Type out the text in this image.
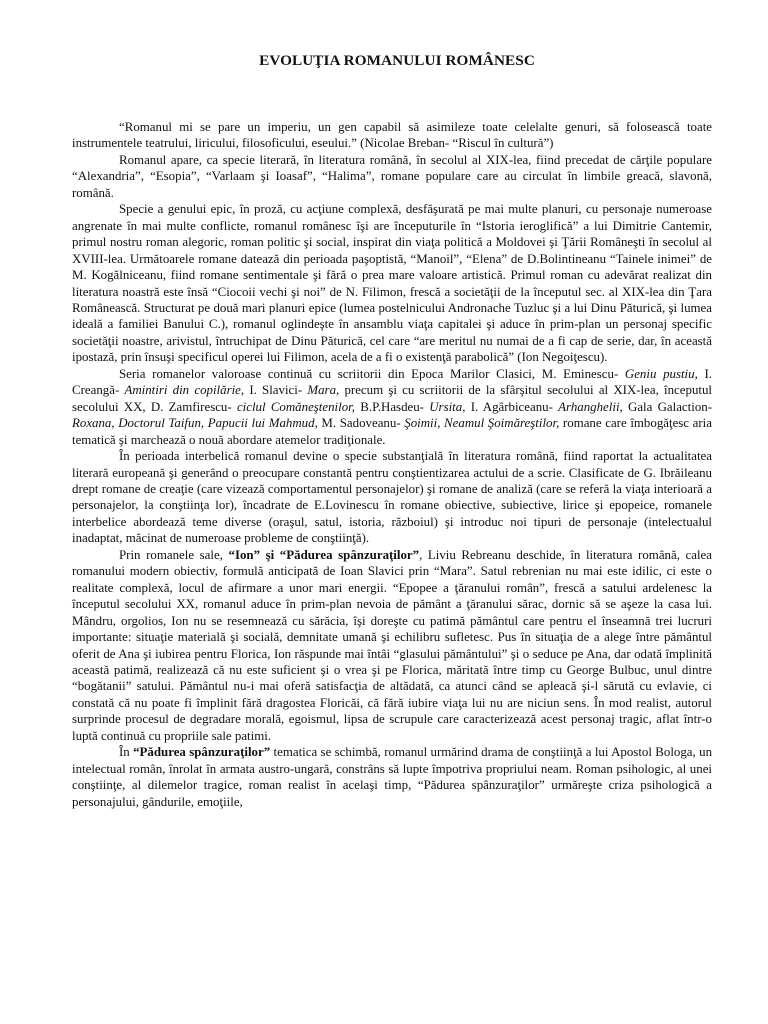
EVOLUŢIA ROMANULUI ROMÂNESC

“Romanul mi se pare un imperiu, un gen capabil să asimileze toate celelalte genuri, să folosească toate instrumentele teatrului, liricului, filosoficului, eseului.” (Nicolae Breban- “Riscul în cultură”)

Romanul apare, ca specie literară, în literatura română, în secolul al XIX-lea, fiind precedat de cărţile populare “Alexandria”, “Esopia”, “Varlaam şi Ioasaf”, “Halima”, romane populare care au circulat în limbile greacă, slavonă, română.

Specie a genului epic, în proză, cu acţiune complexă, desfăşurată pe mai multe planuri, cu personaje numeroase angrenate în mai multe conflicte, romanul românesc îşi are începuturile în “Istoria ieroglifică” a lui Dimitrie Cantemir, primul nostru roman alegoric, roman politic şi social, inspirat din viaţa politică a Moldovei şi Ţării Româneşti în secolul al XVIII-lea. Următoarele romane datează din perioada paşoptistă, “Manoil”, “Elena” de D.Bolintineanu “Tainele inimei” de M. Kogălniceanu, fiind romane sentimentale şi fără o prea mare valoare artistică. Primul roman cu adevărat realizat din literatura noastră este însă “Ciocoii vechi şi noi” de N. Filimon, frescă a societăţii de la începutul sec. al XIX-lea din Ţara Românească. Structurat pe două mari planuri epice (lumea postelnicului Andronache Tuzluc şi a lui Dinu Păturică, şi lumea ideală a familiei Banului C.), romanul oglindeşte în ansamblu viaţa capitalei şi aduce în prim-plan un personaj specific societăţii noastre, arivistul, întruchipat de Dinu Păturică, cel care “are meritul nu numai de a fi cap de serie, dar, în această ipostază, prin însuşi specificul operei lui Filimon, acela de a fi o existenţă parabolică” (Ion Negoiţescu).

Seria romanelor valoroase continuă cu scriitorii din Epoca Marilor Clasici, M. Eminescu- Geniu pustiu, I. Creangă- Amintiri din copilărie, I. Slavici- Mara, precum şi cu scriitorii de la sfârşitul secolului al XIX-lea, începutul secolului XX, D. Zamfirescu- ciclul Comăneştenilor, B.P.Hasdeu- Ursita, I. Agârbiceanu- Arhanghelii, Gala Galaction- Roxana, Doctorul Taifun, Papucii lui Mahmud, M. Sadoveanu- Şoimii, Neamul Şoimăreştilor, romane care îmbogăţesc aria tematică şi marchează o nouă abordare atemelor tradiţionale.

În perioada interbelică romanul devine o specie substanţială în literatura română, fiind raportat la actualitatea literară europeană şi generând o preocupare constantă pentru conştientizarea actului de a scrie. Clasificate de G. Ibrăileanu drept romane de creaţie (care vizează comportamentul personajelor) şi romane de analiză (care se referă la viaţa interioară a personajelor, la conştiinţa lor), încadrate de E.Lovinescu în romane obiective, subiective, lirice şi epopeice, romanele interbelice abordează teme diverse (oraşul, satul, istoria, războiul) şi introduc noi tipuri de personaje (intelectualul inadaptat, măcinat de numeroase probleme de conştiinţă).

Prin romanele sale, “Ion” şi “Pădurea spânzuraţilor”, Liviu Rebreanu deschide, în literatura română, calea romanului modern obiectiv, formulă anticipată de Ioan Slavici prin “Mara”. Satul rebrenian nu mai este idilic, ci este o realitate complexă, locul de afirmare a unor mari energii. “Epopee a ţăranului român”, frescă a satului ardelenesc la începutul secolului XX, romanul aduce în prim-plan nevoia de pământ a ţăranului sărac, dornic să se aşeze la casa lui. Mândru, orgolios, Ion nu se resemnează cu sărăcia, îşi doreşte cu patimă pământul care pentru el înseamnă trei lucruri importante: situaţie materială şi socială, demnitate umană şi echilibru sufletesc. Pus în situaţia de a alege între pământul oferit de Ana şi iubirea pentru Florica, Ion răspunde mai întâi “glasului pământului” şi o seduce pe Ana, dar odată împlinită această patimă, realizează că nu este suficient şi o vrea şi pe Florica, măritată între timp cu George Bulbuc, unul dintre “bogătanii” satului. Pământul nu-i mai oferă satisfacţia de altădată, ca atunci când se apleacă şi-l sărută cu evlavie, ci constată că nu poate fi împlinit fără dragostea Floricăi, că fără iubire viaţa lui nu are niciun sens. În mod realist, autorul surprinde procesul de degradare morală, egoismul, lipsa de scrupule care caracterizează acest personaj tragic, aflat într-o luptă continuă cu propriile sale patimi.

În “Pădurea spânzuraţilor” tematica se schimbă, romanul urmărind drama de conştiinţă a lui Apostol Bologa, un intelectual român, înrolat în armata austro-ungară, constrâns să lupte împotriva propriului neam. Roman psihologic, al unei conştiinţe, al dilemelor tragice, roman realist în acelaşi timp, “Pădurea spânzuraţilor” urmăreşte criza psihologică a personajului, gândurile, emoţiile,
